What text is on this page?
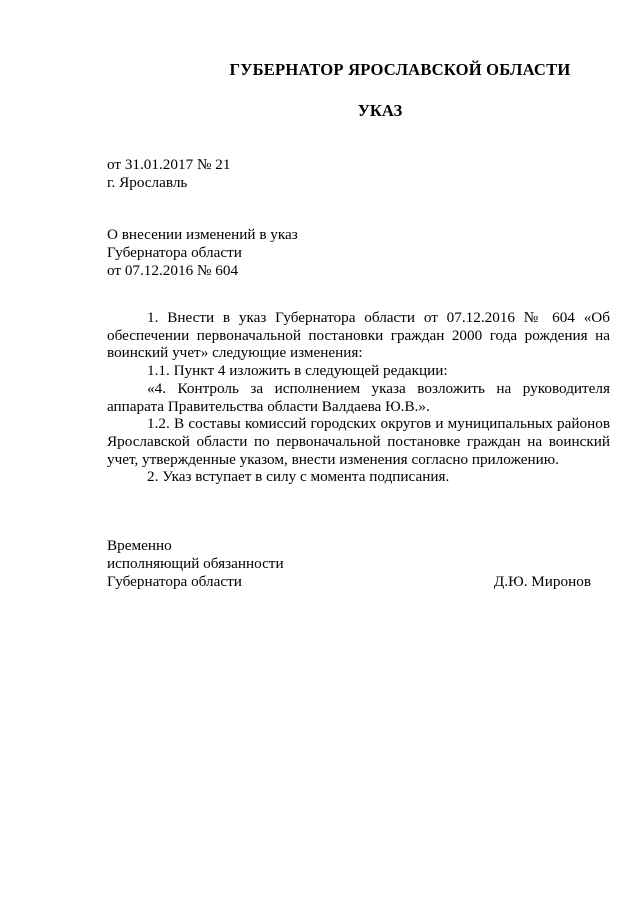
ГУБЕРНАТОР ЯРОСЛАВСКОЙ ОБЛАСТИ
УКАЗ
от 31.01.2017 № 21
г. Ярославль
О внесении изменений в указ
Губернатора области
от 07.12.2016 № 604

1. Внести в указ Губернатора области от 07.12.2016 № 604 «Об обеспечении первоначальной постановки граждан 2000 года рождения на воинский учет» следующие изменения:

1.1. Пункт 4 изложить в следующей редакции:

«4. Контроль за исполнением указа возложить на руководителя аппарата Правительства области Валдаева Ю.В.».

1.2. В составы комиссий городских округов и муниципальных районов Ярославской области по первоначальной постановке граждан на воинский учет, утвержденные указом, внести изменения согласно приложению.

2. Указ вступает в силу с момента подписания.

Временно
исполняющий обязанности
Губернатора области	Д.Ю. Миронов
